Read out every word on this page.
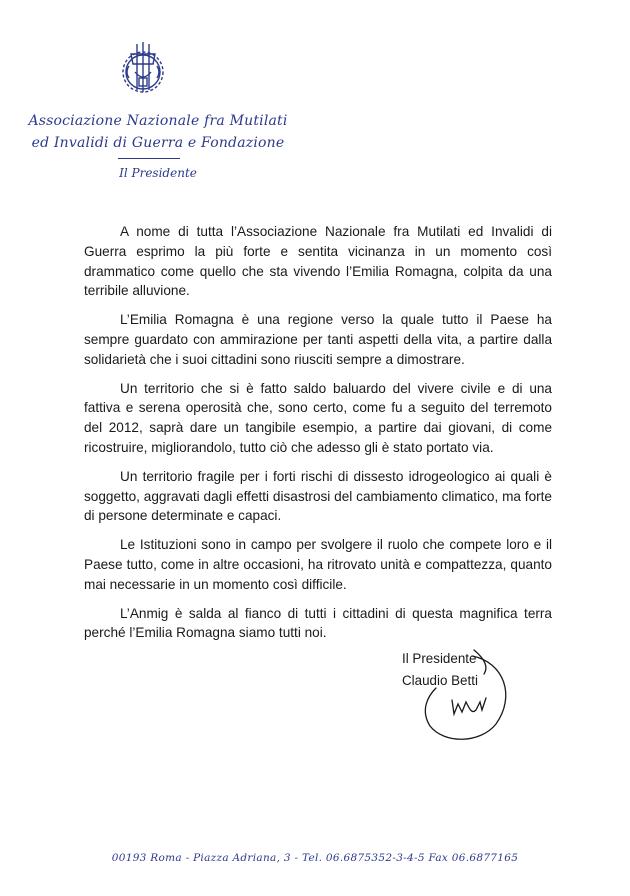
Associazione Nazionale fra Mutilati
ed Invalidi di Guerra e Fondazione
Il Presidente

A nome di tutta l’Associazione Nazionale fra Mutilati ed Invalidi di Guerra esprimo la più forte e sentita vicinanza in un momento così drammatico come quello che sta vivendo l’Emilia Romagna, colpita da una terribile alluvione.

L’Emilia Romagna è una regione verso la quale tutto il Paese ha sempre guardato con ammirazione per tanti aspetti della vita, a partire dalla solidarietà che i suoi cittadini sono riusciti sempre a dimostrare.

Un territorio che si è fatto saldo baluardo del vivere civile e di una fattiva e serena operosità che, sono certo, come fu a seguito del terremoto del 2012, saprà dare un tangibile esempio, a partire dai giovani, di come ricostruire, migliorandolo, tutto ciò che adesso gli è stato portato via.

Un territorio fragile per i forti rischi di dissesto idrogeologico ai quali è soggetto, aggravati dagli effetti disastrosi del cambiamento climatico, ma forte di persone determinate e capaci.

Le Istituzioni sono in campo per svolgere il ruolo che compete loro e il Paese tutto, come in altre occasioni, ha ritrovato unità e compattezza, quanto mai necessarie in un momento così difficile.

L’Anmig è salda al fianco di tutti i cittadini di questa magnifica terra perché l’Emilia Romagna siamo tutti noi.

Il Presidente
Claudio Betti
00193 Roma - Piazza Adriana, 3 - Tel. 06.6875352-3-4-5 Fax 06.6877165
